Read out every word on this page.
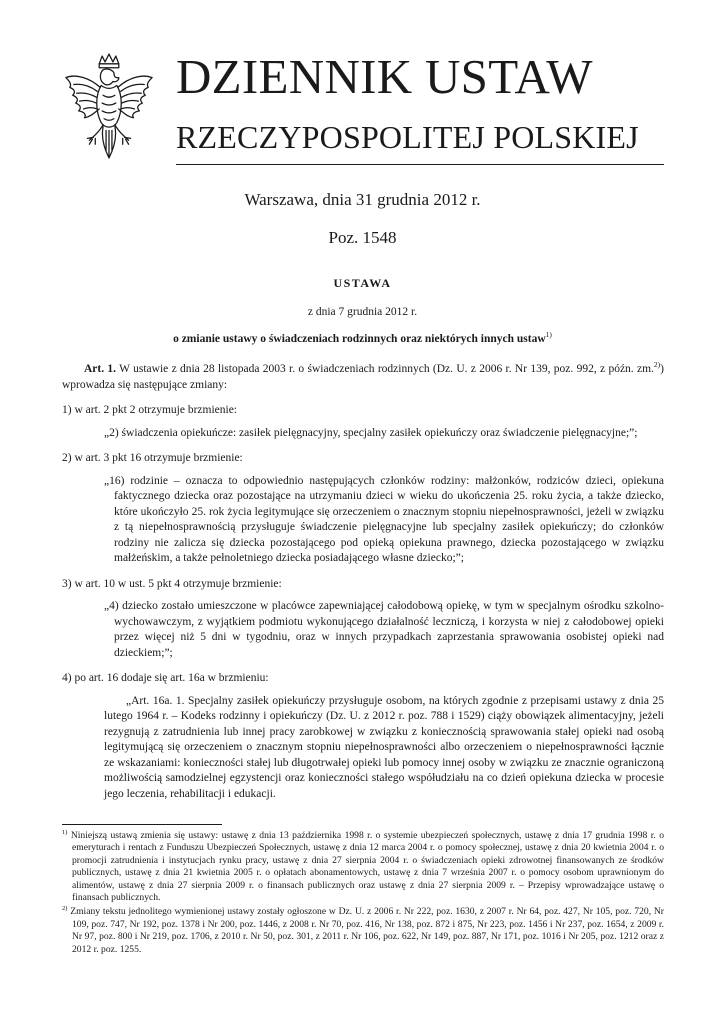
DZIENNIK USTAW
RZECZYPOSPOLITEJ POLSKIEJ
Warszawa, dnia 31 grudnia 2012 r.
Poz. 1548
USTAWA
z dnia 7 grudnia 2012 r.
o zmianie ustawy o świadczeniach rodzinnych oraz niektórych innych ustaw$^{1)}$

Art. 1. W ustawie z dnia 28 listopada 2003 r. o świadczeniach rodzinnych (Dz. U. z 2006 r. Nr 139, poz. 992, z późn. zm.$^{2)}$) wprowadza się następujące zmiany:

1) w art. 2 pkt 2 otrzymuje brzmienie:

„2) świadczenia opiekuńcze: zasiłek pielęgnacyjny, specjalny zasiłek opiekuńczy oraz świadczenie pielęgnacyjne;”;

2) w art. 3 pkt 16 otrzymuje brzmienie:

„16) rodzinie – oznacza to odpowiednio następujących członków rodziny: małżonków, rodziców dzieci, opiekuna faktycznego dziecka oraz pozostające na utrzymaniu dzieci w wieku do ukończenia 25. roku życia, a także dziecko, które ukończyło 25. rok życia legitymujące się orzeczeniem o znacznym stopniu niepełnosprawności, jeżeli w związku z tą niepełnosprawnością przysługuje świadczenie pielęgnacyjne lub specjalny zasiłek opiekuńczy; do członków rodziny nie zalicza się dziecka pozostającego pod opieką opiekuna prawnego, dziecka pozostającego w związku małżeńskim, a także pełnoletniego dziecka posiadającego własne dziecko;”;

3) w art. 10 w ust. 5 pkt 4 otrzymuje brzmienie:

„4) dziecko zostało umieszczone w placówce zapewniającej całodobową opiekę, w tym w specjalnym ośrodku szkolno-wychowawczym, z wyjątkiem podmiotu wykonującego działalność leczniczą, i korzysta w niej z całodobowej opieki przez więcej niż 5 dni w tygodniu, oraz w innych przypadkach zaprzestania sprawowania osobistej opieki nad dzieckiem;”;

4) po art. 16 dodaje się art. 16a w brzmieniu:

„Art. 16a. 1. Specjalny zasiłek opiekuńczy przysługuje osobom, na których zgodnie z przepisami ustawy z dnia 25 lutego 1964 r. – Kodeks rodzinny i opiekuńczy (Dz. U. z 2012 r. poz. 788 i 1529) ciąży obowiązek alimentacyjny, jeżeli rezygnują z zatrudnienia lub innej pracy zarobkowej w związku z koniecznością sprawowania stałej opieki nad osobą legitymującą się orzeczeniem o znacznym stopniu niepełnosprawności albo orzeczeniem o niepełnosprawności łącznie ze wskazaniami: konieczności stałej lub długotrwałej opieki lub pomocy innej osoby w związku ze znacznie ograniczoną możliwością samodzielnej egzystencji oraz konieczności stałego współudziału na co dzień opiekuna dziecka w procesie jego leczenia, rehabilitacji i edukacji.

$^{1)}$ Niniejszą ustawą zmienia się ustawy: ustawę z dnia 13 października 1998 r. o systemie ubezpieczeń społecznych, ustawę z dnia 17 grudnia 1998 r. o emeryturach i rentach z Funduszu Ubezpieczeń Społecznych, ustawę z dnia 12 marca 2004 r. o pomocy społecznej, ustawę z dnia 20 kwietnia 2004 r. o promocji zatrudnienia i instytucjach rynku pracy, ustawę z dnia 27 sierpnia 2004 r. o świadczeniach opieki zdrowotnej finansowanych ze środków publicznych, ustawę z dnia 21 kwietnia 2005 r. o opłatach abonamentowych, ustawę z dnia 7 września 2007 r. o pomocy osobom uprawnionym do alimentów, ustawę z dnia 27 sierpnia 2009 r. o finansach publicznych oraz ustawę z dnia 27 sierpnia 2009 r. – Przepisy wprowadzające ustawę o finansach publicznych.

$^{2)}$ Zmiany tekstu jednolitego wymienionej ustawy zostały ogłoszone w Dz. U. z 2006 r. Nr 222, poz. 1630, z 2007 r. Nr 64, poz. 427, Nr 105, poz. 720, Nr 109, poz. 747, Nr 192, poz. 1378 i Nr 200, poz. 1446, z 2008 r. Nr 70, poz. 416, Nr 138, poz. 872 i 875, Nr 223, poz. 1456 i Nr 237, poz. 1654, z 2009 r. Nr 97, poz. 800 i Nr 219, poz. 1706, z 2010 r. Nr 50, poz. 301, z 2011 r. Nr 106, poz. 622, Nr 149, poz. 887, Nr 171, poz. 1016 i Nr 205, poz. 1212 oraz z 2012 r. poz. 1255.
